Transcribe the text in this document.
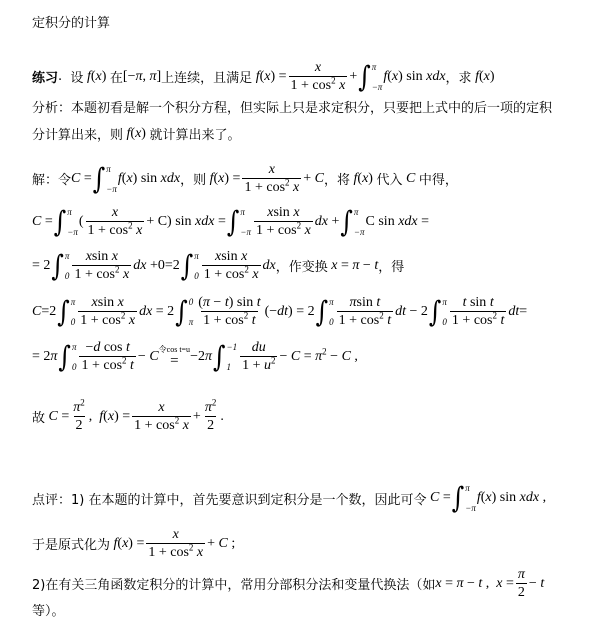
定积分的计算
练习 . 设 f ( x ) 在 [−π, π] 上连续，且满足 f ( x ) = $\frac{x}{1 + \cos^2 x}$ + ∫ π
−π
f ( x ) sin xdx ，求 f ( x )
分析：本题初看是解一个积分方程，但实际上只是求定积分，只要把上式中的后一项的定积
分计算出来，则 f ( x ) 就计算出来了。
解：令 C = ∫ π
−π
f ( x ) sin xdx ，则 f ( x ) = $\frac{x}{1 + \cos^2 x} + C$ ，将 f ( x ) 代入 C 中得，
C = ∫ π
−π
( $\frac{x}{1 + \cos^2 x} + C$) sin xdx = ∫ π
$-\pi \frac{\text{xsin x}}{1 + \cos^2 x}$ dx + ∫ π
−π
C sin xdx =
= 2 ∫ π
$0 \frac{\text{xsin x}}{1 + \cos^2 x}$ dx +0=2 ∫ π
$0 \frac{\text{xsin x}}{1 + \cos^2 x}$ dx ，作变换 x = π − t ，得
C =2 ∫ π
$0 \frac{\text{xsin x}}{1 + \cos^2 x}$ dx = 2 ∫ 0
π $\frac{\text{(π − t) sin t}}{1 + \cos^2 t} (-dt) = 2$ ∫ π
$0 \frac{\text{πsin t}}{1 + \cos^2 t}$ dt − 2 ∫ π
$0 \frac{\text{t sin t}}{1 + \cos^2 t} dt=$
= 2π ∫ π
$0 \frac{\text{−d cos t}}{1 + \cos^2 t} - C$ 令cos t=u
= −2π ∫ −1
$1 \frac{du}{1 + u^2} - C = \pi^2 - C$ ,
故 $C = \frac{\pi^2}{2}$ ,  $f(x) = \frac{x}{1 + \cos^2 x} + \frac{\pi^2}{2}$ .
点评：1) 在本题的计算中，首先要意识到定积分是一个数，因此可令 C = ∫ π
−π
f ( x ) sin xdx ,
于是原式化为 f ( x ) = $\frac{x}{1 + \cos^2 x} + C$ ;
2)在有关三角函数定积分的计算中，常用分部积分法和变量代换法（如 x = π − t ,  $x = \frac{\pi}{2} - t$
等）。
